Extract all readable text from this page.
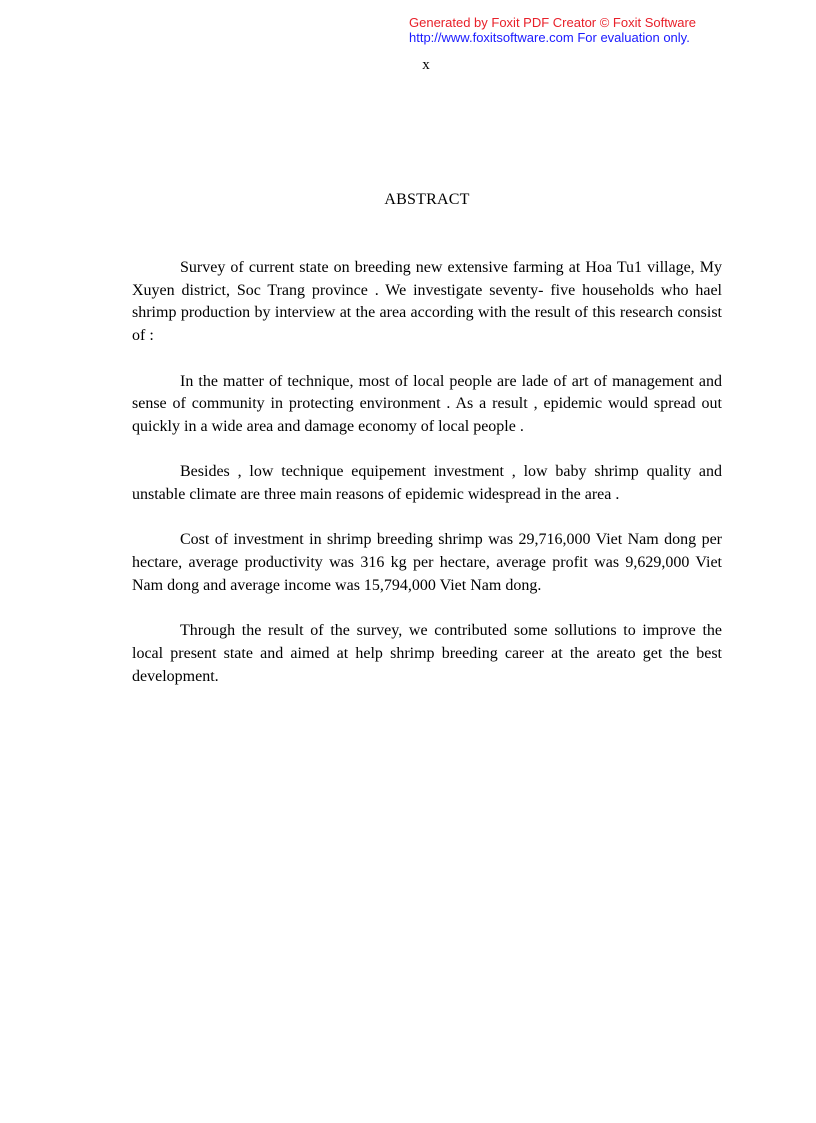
Generated by Foxit PDF Creator © Foxit Software
http://www.foxitsoftware.com For evaluation only.
x
ABSTRACT

Survey of current state on breeding new extensive farming at Hoa Tu1 village, My Xuyen district, Soc Trang province . We investigate seventy- five households who hael shrimp production by interview at the area according with the result of this research consist of :

In the matter of technique, most of local people are lade of art of management and sense of community in protecting environment . As a result , epidemic would spread out quickly in a wide area and damage economy of local people .

Besides , low technique equipement investment , low baby shrimp quality and unstable climate are three main reasons of epidemic widespread in the area .

Cost of investment in shrimp breeding shrimp was 29,716,000 Viet Nam dong per hectare, average productivity was 316 kg per hectare, average profit was 9,629,000 Viet Nam dong and average income was 15,794,000 Viet Nam dong.

Through the result of the survey, we contributed some sollutions to improve the local present state and aimed at help shrimp breeding career at the areato get the best development.
